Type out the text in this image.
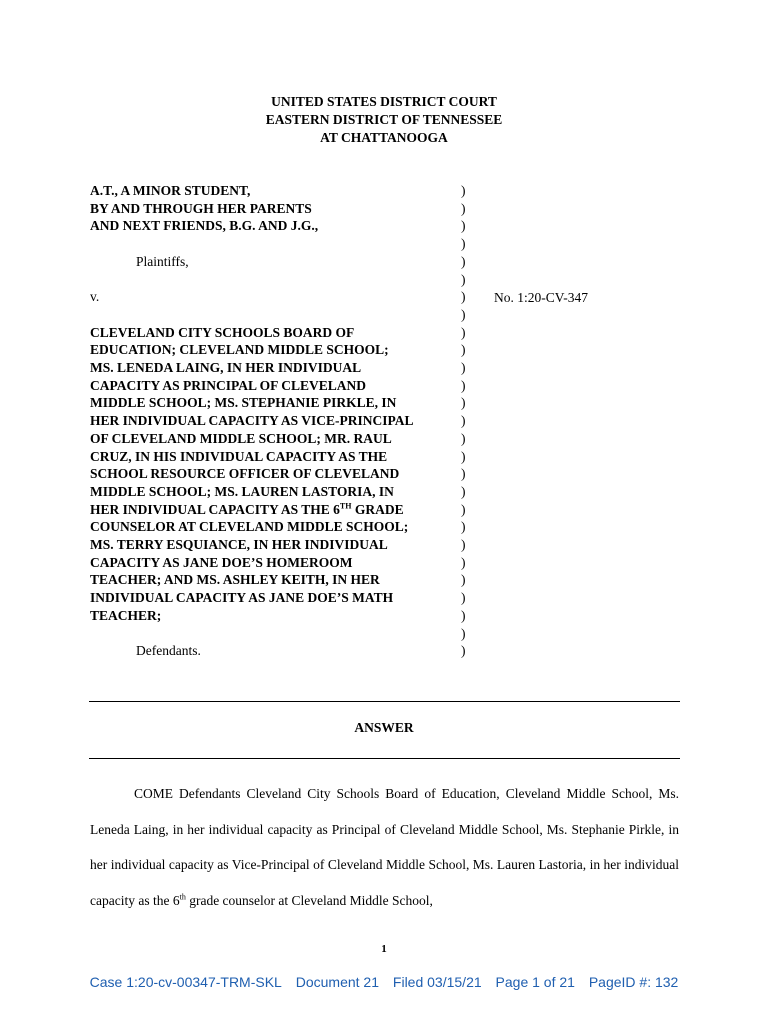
UNITED STATES DISTRICT COURT
EASTERN DISTRICT OF TENNESSEE
AT CHATTANOOGA
A.T., A MINOR STUDENT,
BY AND THROUGH HER PARENTS
AND NEXT FRIENDS, B.G. AND J.G.,
Plaintiffs,
v.
CLEVELAND CITY SCHOOLS BOARD OF
EDUCATION; CLEVELAND MIDDLE SCHOOL;
MS. LENEDA LAING, IN HER INDIVIDUAL
CAPACITY AS PRINCIPAL OF CLEVELAND
MIDDLE SCHOOL; MS. STEPHANIE PIRKLE, IN
HER INDIVIDUAL CAPACITY AS VICE-PRINCIPAL
OF CLEVELAND MIDDLE SCHOOL; MR. RAUL
CRUZ, IN HIS INDIVIDUAL CAPACITY AS THE
SCHOOL RESOURCE OFFICER OF CLEVELAND
MIDDLE SCHOOL; MS. LAUREN LASTORIA, IN
HER INDIVIDUAL CAPACITY AS THE 6TH GRADE
COUNSELOR AT CLEVELAND MIDDLE SCHOOL;
MS. TERRY ESQUIANCE, IN HER INDIVIDUAL
CAPACITY AS JANE DOE’S HOMEROOM
TEACHER; AND MS. ASHLEY KEITH, IN HER
INDIVIDUAL CAPACITY AS JANE DOE’S MATH
TEACHER;
Defendants.
)
)
)
)
)
)
)
)
)
)
)
)
)
)
)
)
)
)
)
)
)
)
)
)
)
)
)
No. 1:20-CV-347
ANSWER
COME Defendants Cleveland City Schools Board of Education, Cleveland Middle School, Ms. Leneda Laing, in her individual capacity as Principal of Cleveland Middle School, Ms. Stephanie Pirkle, in her individual capacity as Vice-Principal of Cleveland Middle School, Ms. Lauren Lastoria, in her individual capacity as the 6th grade counselor at Cleveland Middle School,
1
Case 1:20-cv-00347-TRM-SKL Document 21 Filed 03/15/21 Page 1 of 21 PageID #: 132
